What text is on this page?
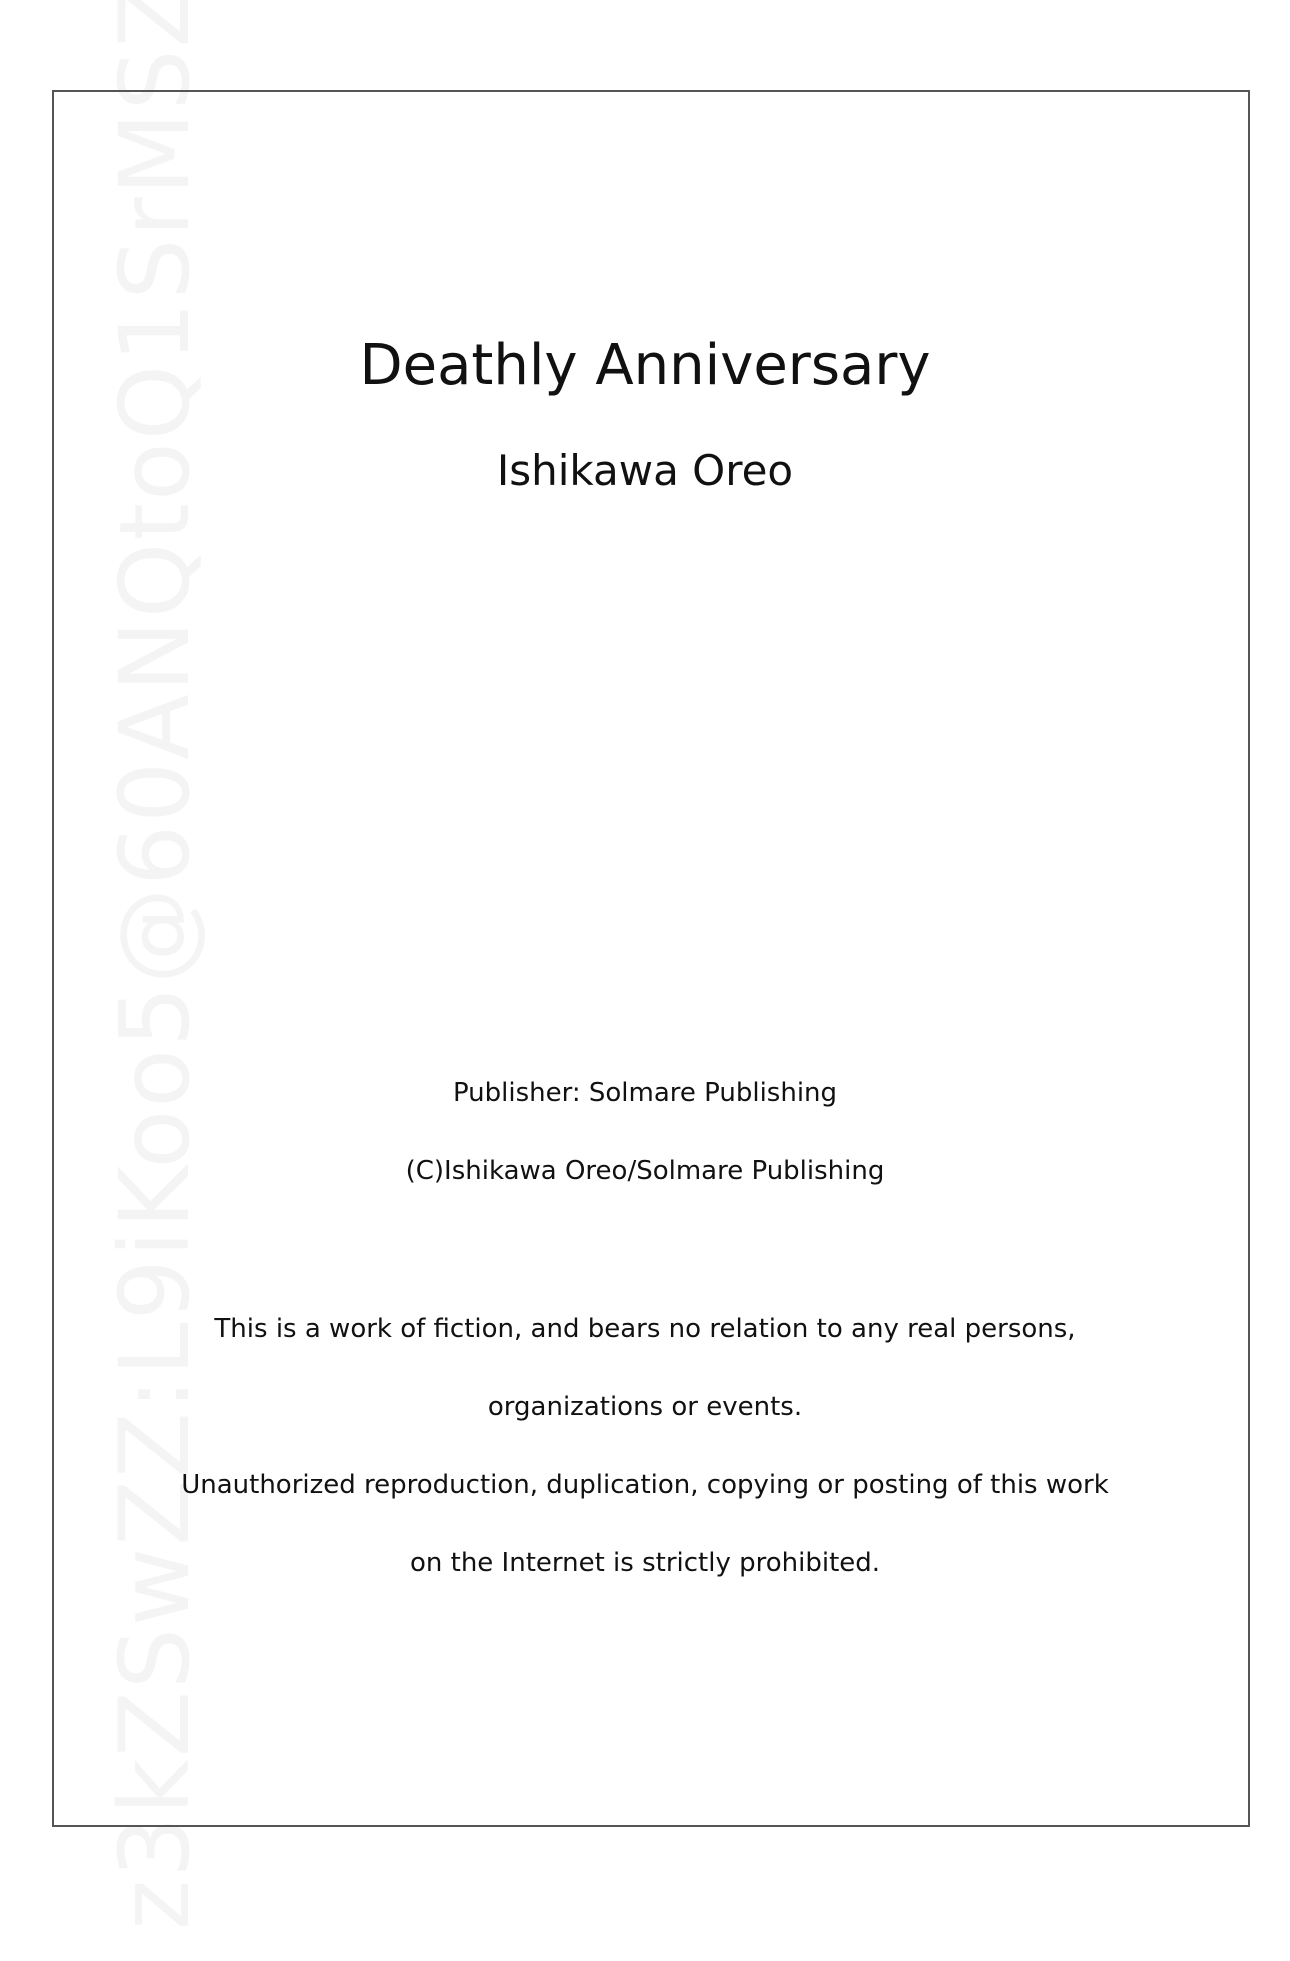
Deathly Anniversary
Ishikawa Oreo
Publisher: Solmare Publishing
(C)Ishikawa Oreo/Solmare Publishing
This is a work of fiction, and bears no relation to any real persons,
organizations or events.
Unauthorized reproduction, duplication, copying or posting of this work
on the Internet is strictly prohibited.
